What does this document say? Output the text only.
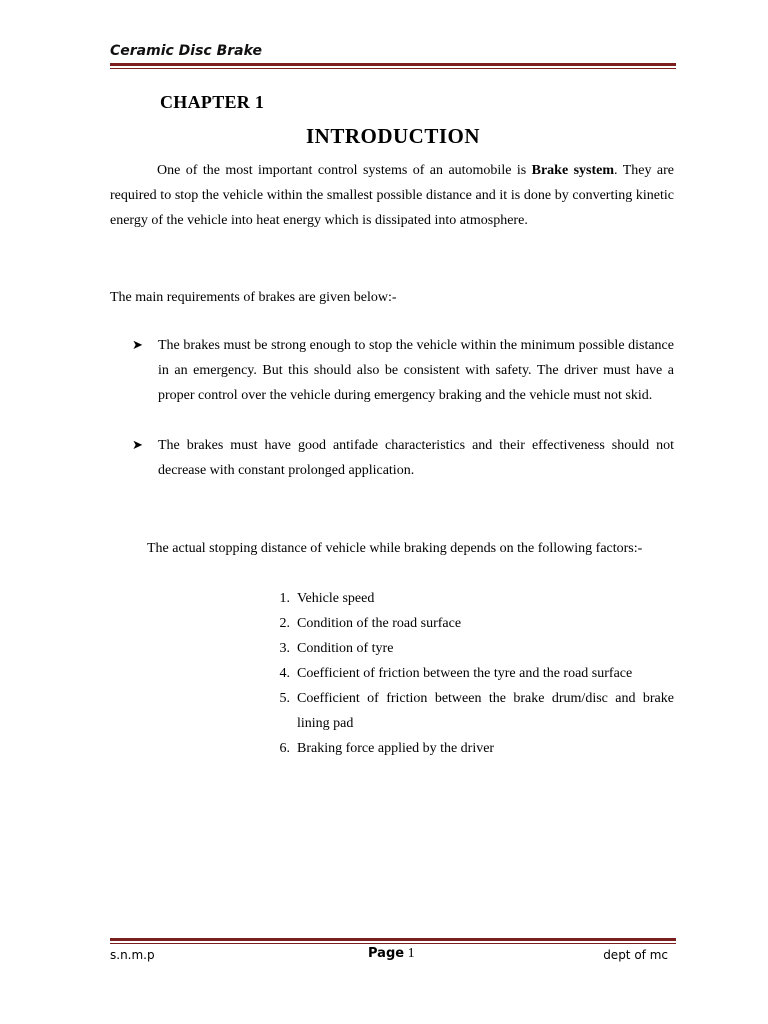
Ceramic Disc Brake
CHAPTER 1
INTRODUCTION
One of the most important control systems of an automobile is Brake system. They are required to stop the vehicle within the smallest possible distance and it is done by converting kinetic energy of the vehicle into heat energy which is dissipated into atmosphere.
The main requirements of brakes are given below:-
➤ The brakes must be strong enough to stop the vehicle within the minimum possible distance in an emergency. But this should also be consistent with safety. The driver must have a proper control over the vehicle during emergency braking and the vehicle must not skid.
➤ The brakes must have good antifade characteristics and their effectiveness should not decrease with constant prolonged application.
The actual stopping distance of vehicle while braking depends on the following factors:-
1. Vehicle speed
2. Condition of the road surface
3. Condition of tyre
4. Coefficient of friction between the tyre and the road surface
5. Coefficient of friction between the brake drum/disc and brake lining pad
6. Braking force applied by the driver
s.n.m.p	Page 1	dept of mc
